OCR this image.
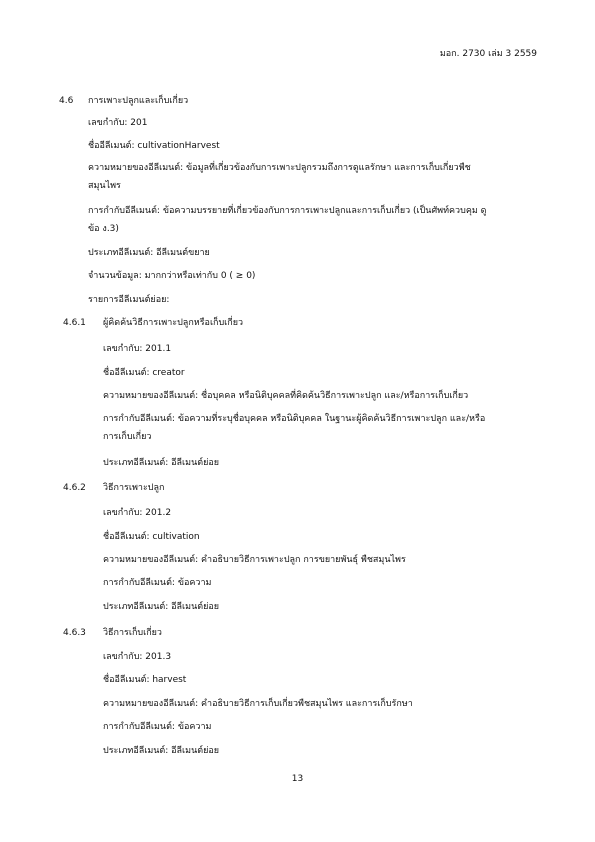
มอก. 2730 เล่ม 3 2559

4.6 การเพาะปลูกและเก็บเกี่ยว

เลขกำกับ: 201

ชื่ออีลีเมนต์: cultivationHarvest

ความหมายของอีลีเมนต์: ข้อมูลที่เกี่ยวข้องกับการเพาะปลูกรวมถึงการดูแลรักษา และการเก็บเกี่ยวพืช

สมุนไพร

การกำกับอีลีเมนต์: ข้อความบรรยายที่เกี่ยวข้องกับการการเพาะปลูกและการเก็บเกี่ยว (เป็นศัพท์ควบคุม ดู

ข้อ ง.3)

ประเภทอีลีเมนต์: อีลีเมนต์ขยาย

จำนวนข้อมูล: มากกว่าหรือเท่ากับ 0 ( ≥ 0)

รายการอีลีเมนต์ย่อย:

4.6.1 ผู้คิดค้นวิธีการเพาะปลูกหรือเก็บเกี่ยว

เลขกำกับ: 201.1

ชื่ออีลีเมนต์: creator

ความหมายของอีลีเมนต์: ชื่อบุคคล หรือนิติบุคคลที่คิดค้นวิธีการเพาะปลูก และ/หรือการเก็บเกี่ยว

การกำกับอีลีเมนต์: ข้อความที่ระบุชื่อบุคคล หรือนิติบุคคล ในฐานะผู้คิดค้นวิธีการเพาะปลูก และ/หรือ

การเก็บเกี่ยว

ประเภทอีลีเมนต์: อีลีเมนต์ย่อย

4.6.2 วิธีการเพาะปลูก

เลขกำกับ: 201.2

ชื่ออีลีเมนต์: cultivation

ความหมายของอีลีเมนต์: คำอธิบายวิธีการเพาะปลูก การขยายพันธุ์ พืชสมุนไพร

การกำกับอีลีเมนต์: ข้อความ

ประเภทอีลีเมนต์: อีลีเมนต์ย่อย

4.6.3 วิธีการเก็บเกี่ยว

เลขกำกับ: 201.3

ชื่ออีลีเมนต์: harvest

ความหมายของอีลีเมนต์: คำอธิบายวิธีการเก็บเกี่ยวพืชสมุนไพร และการเก็บรักษา

การกำกับอีลีเมนต์: ข้อความ

ประเภทอีลีเมนต์: อีลีเมนต์ย่อย

13
